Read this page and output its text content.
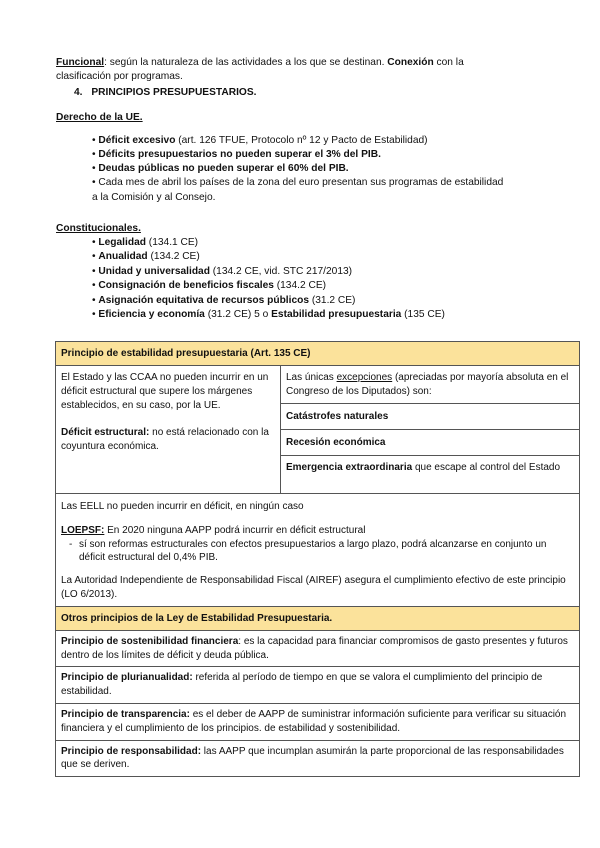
Funcional: según la naturaleza de las actividades a los que se destinan. Conexión con la
clasificación por programas.
4. PRINCIPIOS PRESUPUESTARIOS.
Derecho de la UE.
• Déficit excesivo (art. 126 TFUE, Protocolo nº 12 y Pacto de Estabilidad)
• Déficits presupuestarios no pueden superar el 3% del PIB.
• Deudas públicas no pueden superar el 60% del PIB.
• Cada mes de abril los países de la zona del euro presentan sus programas de estabilidad
a la Comisión y al Consejo.
Constitucionales.
• Legalidad (134.1 CE)
• Anualidad (134.2 CE)
• Unidad y universalidad (134.2 CE, vid. STC 217/2013)
• Consignación de beneficios fiscales (134.2 CE)
• Asignación equitativa de recursos públicos (31.2 CE)
• Eficiencia y economía (31.2 CE) 5 o Estabilidad presupuestaria (135 CE)
Principio de estabilidad presupuestaria (Art. 135 CE)

El Estado y las CCAA no pueden incurrir en un déficit estructural que supere los márgenes establecidos, en su caso, por la UE.
Déficit estructural: no está relacionado con la coyuntura económica.
	Las únicas excepciones (apreciadas por mayoría absoluta en el Congreso de los Diputados) son:
Catástrofes naturales
Recesión económica
Emergencia extraordinaria que escape al control del Estado

Las EELL no pueden incurrir en déficit, en ningún caso
LOEPSF: En 2020 ninguna AAPP podrá incurrir en déficit estructural
- sí son reformas estructurales con efectos presupuestarios a largo plazo, podrá alcanzarse en conjunto un déficit estructural del 0,4% PIB.
La Autoridad Independiente de Responsabilidad Fiscal (AIREF) asegura el cumplimiento efectivo de este principio (LO 6/2013).

Otros principios de la Ley de Estabilidad Presupuestaria.
Principio de sostenibilidad financiera: es la capacidad para financiar compromisos de gasto presentes y futuros dentro de los límites de déficit y deuda pública.
Principio de plurianualidad: referida al período de tiempo en que se valora el cumplimiento del principio de estabilidad.
Principio de transparencia: es el deber de AAPP de suministrar información suficiente para verificar su situación financiera y el cumplimiento de los principios. de estabilidad y sostenibilidad.
Principio de responsabilidad: las AAPP que incumplan asumirán la parte proporcional de las responsabilidades que se deriven.
